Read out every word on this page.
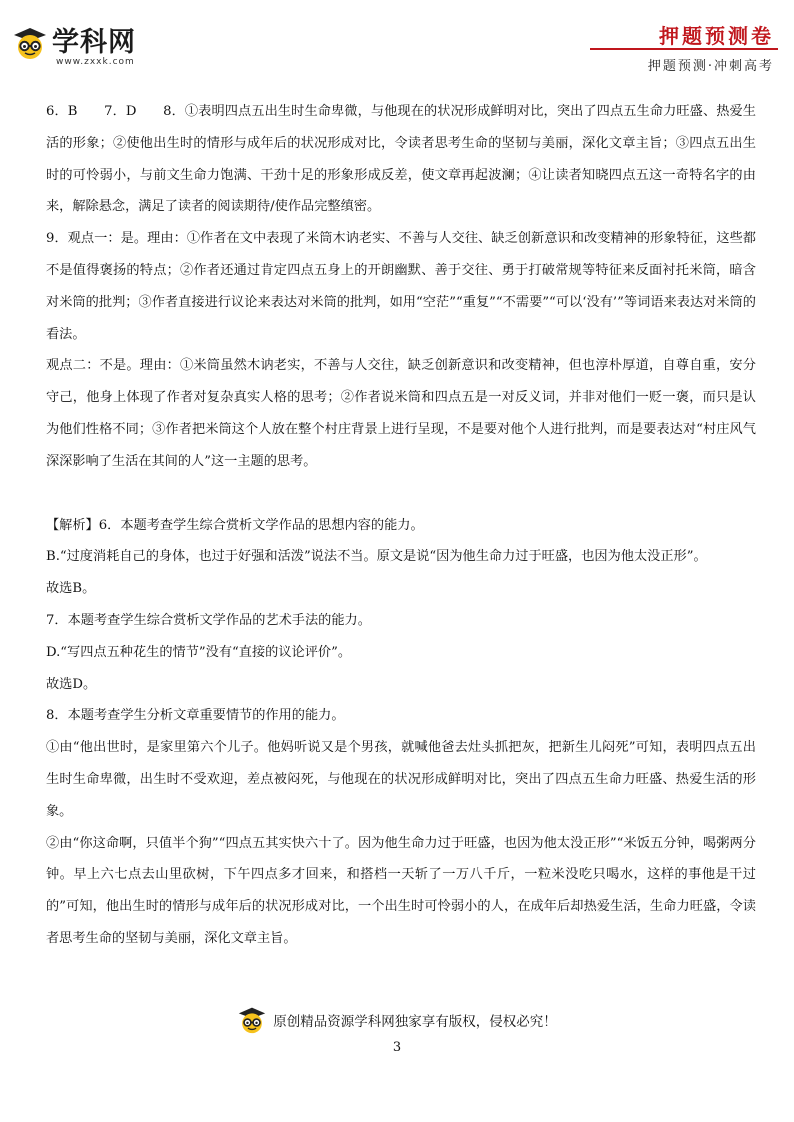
学科网
www.zxxk.com
押题预测卷
押题预测·冲刺高考

6．B　　7．D　　8．①表明四点五出生时生命卑微，与他现在的状况形成鲜明对比，突出了四点五生命力旺盛、热爱生活的形象；②使他出生时的情形与成年后的状况形成对比，令读者思考生命的坚韧与美丽，深化文章主旨；③四点五出生时的可怜弱小，与前文生命力饱满、干劲十足的形象形成反差，使文章再起波澜；④让读者知晓四点五这一奇特名字的由来，解除悬念，满足了读者的阅读期待/使作品完整缜密。

9．观点一：是。理由：①作者在文中表现了米筒木讷老实、不善与人交往、缺乏创新意识和改变精神的形象特征，这些都不是值得褒扬的特点；②作者还通过肯定四点五身上的开朗幽默、善于交往、勇于打破常规等特征来反面衬托米筒，暗含对米筒的批判；③作者直接进行议论来表达对米筒的批判，如用“空茫”“重复”“不需要”“可以‘没有’”等词语来表达对米筒的看法。

观点二：不是。理由：①米筒虽然木讷老实，不善与人交往，缺乏创新意识和改变精神，但也淳朴厚道，自尊自重，安分守己，他身上体现了作者对复杂真实人格的思考；②作者说米筒和四点五是一对反义词，并非对他们一贬一褒，而只是认为他们性格不同；③作者把米筒这个人放在整个村庄背景上进行呈现，不是要对他个人进行批判，而是要表达对“村庄风气深深影响了生活在其间的人”这一主题的思考。

【解析】6．本题考查学生综合赏析文学作品的思想内容的能力。

B.“过度消耗自己的身体，也过于好强和活泼”说法不当。原文是说“因为他生命力过于旺盛，也因为他太没正形”。

故选B。

7．本题考查学生综合赏析文学作品的艺术手法的能力。

D.“写四点五种花生的情节”没有“直接的议论评价”。

故选D。

8．本题考查学生分析文章重要情节的作用的能力。

①由“他出世时，是家里第六个儿子。他妈听说又是个男孩，就喊他爸去灶头抓把灰，把新生儿闷死”可知，表明四点五出生时生命卑微，出生时不受欢迎，差点被闷死，与他现在的状况形成鲜明对比，突出了四点五生命力旺盛、热爱生活的形象。

②由“你这命啊，只值半个狗”“四点五其实快六十了。因为他生命力过于旺盛，也因为他太没正形”“米饭五分钟，喝粥两分钟。早上六七点去山里砍树，下午四点多才回来，和搭档一天斩了一万八千斤，一粒米没吃只喝水，这样的事他是干过的”可知，他出生时的情形与成年后的状况形成对比，一个出生时可怜弱小的人，在成年后却热爱生活，生命力旺盛，令读者思考生命的坚韧与美丽，深化文章主旨。

原创精品资源学科网独家享有版权，侵权必究！
3
